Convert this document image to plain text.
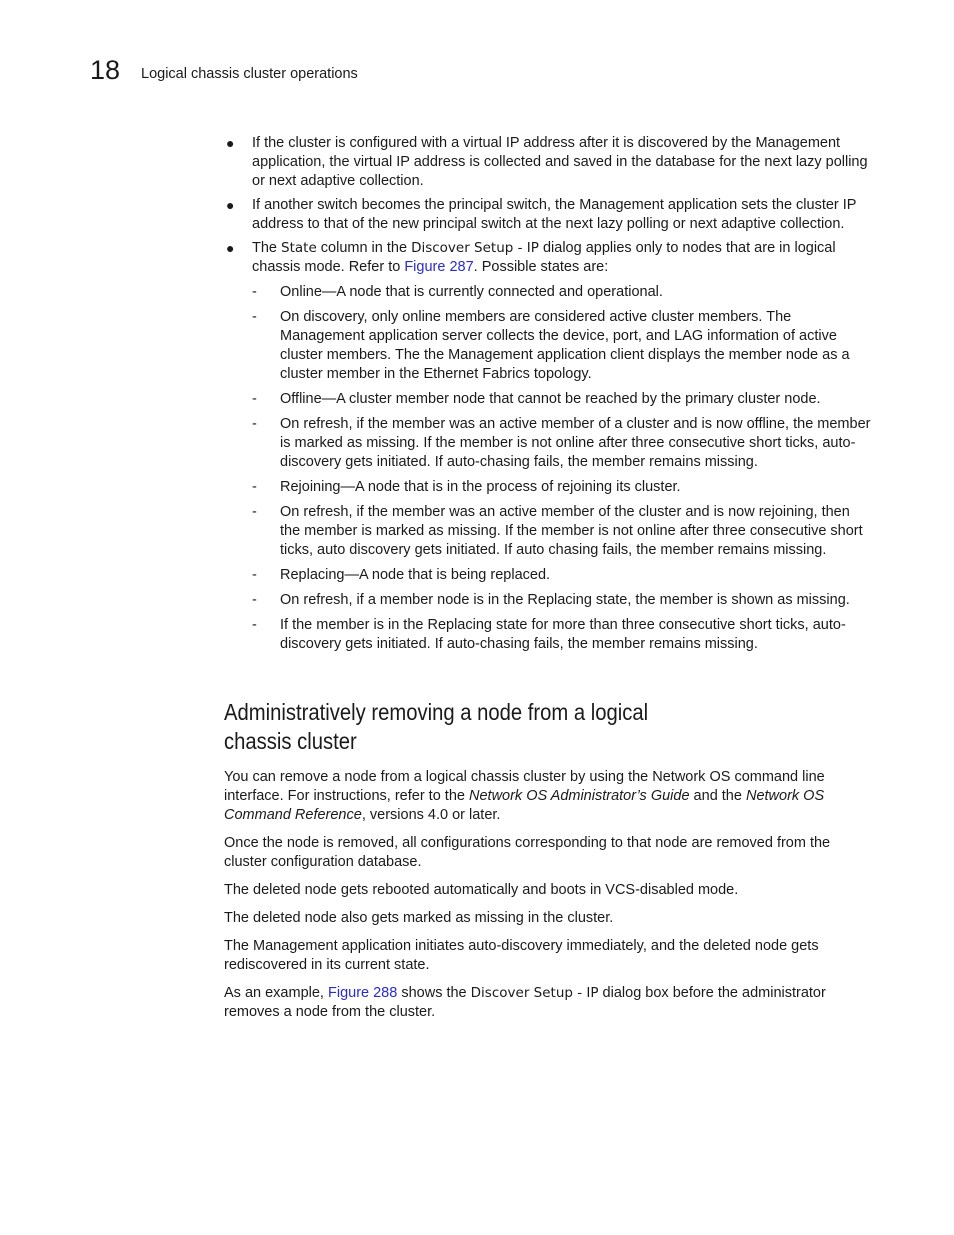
18 Logical chassis cluster operations
● If the cluster is configured with a virtual IP address after it is discovered by the Management application, the virtual IP address is collected and saved in the database for the next lazy polling or next adaptive collection.
● If another switch becomes the principal switch, the Management application sets the cluster IP address to that of the new principal switch at the next lazy polling or next adaptive collection.
● The State column in the Discover Setup - IP dialog applies only to nodes that are in logical chassis mode. Refer to Figure 287. Possible states are:
- Online—A node that is currently connected and operational.
- On discovery, only online members are considered active cluster members. The Management application server collects the device, port, and LAG information of active cluster members. The the Management application client displays the member node as a cluster member in the Ethernet Fabrics topology.
- Offline—A cluster member node that cannot be reached by the primary cluster node.
- On refresh, if the member was an active member of a cluster and is now offline, the member is marked as missing. If the member is not online after three consecutive short ticks, auto-discovery gets initiated. If auto-chasing fails, the member remains missing.
- Rejoining—A node that is in the process of rejoining its cluster.
- On refresh, if the member was an active member of the cluster and is now rejoining, then the member is marked as missing. If the member is not online after three consecutive short ticks, auto discovery gets initiated. If auto chasing fails, the member remains missing.
- Replacing—A node that is being replaced.
- On refresh, if a member node is in the Replacing state, the member is shown as missing.
- If the member is in the Replacing state for more than three consecutive short ticks, auto-discovery gets initiated. If auto-chasing fails, the member remains missing.
Administratively removing a node from a logical
chassis cluster

You can remove a node from a logical chassis cluster by using the Network OS command line interface. For instructions, refer to the Network OS Administrator’s Guide and the Network OS Command Reference, versions 4.0 or later.

Once the node is removed, all configurations corresponding to that node are removed from the cluster configuration database.

The deleted node gets rebooted automatically and boots in VCS-disabled mode.

The deleted node also gets marked as missing in the cluster.

The Management application initiates auto-discovery immediately, and the deleted node gets rediscovered in its current state.

As an example, Figure 288 shows the Discover Setup - IP dialog box before the administrator removes a node from the cluster.
